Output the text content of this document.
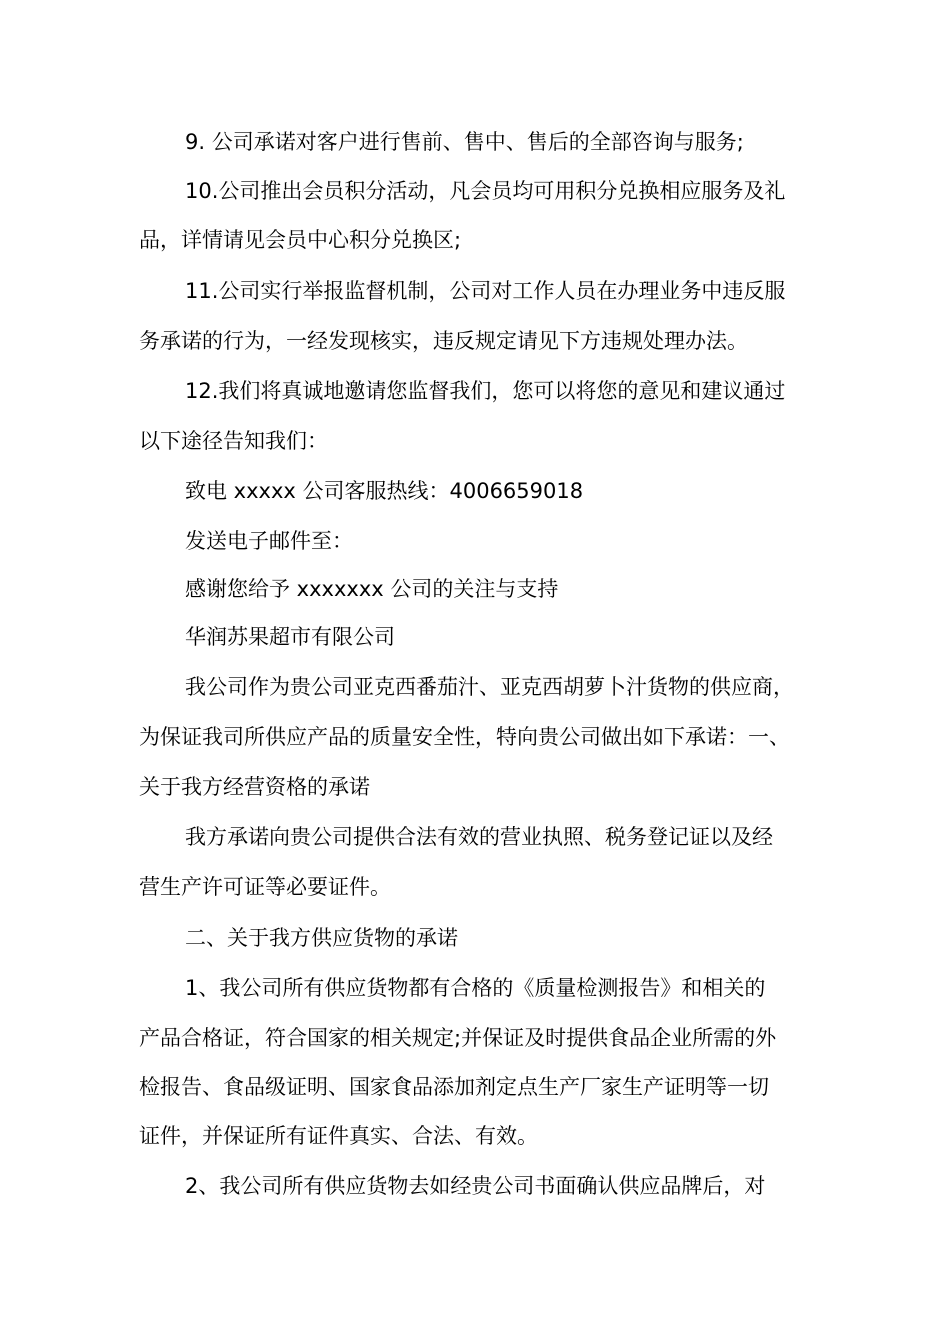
9. 公司承诺对客户进行售前、售中、售后的全部咨询与服务;
10.公司推出会员积分活动，凡会员均可用积分兑换相应服务及礼
品，详情请见会员中心积分兑换区;
11.公司实行举报监督机制，公司对工作人员在办理业务中违反服
务承诺的行为，一经发现核实，违反规定请见下方违规处理办法。
12.我们将真诚地邀请您监督我们，您可以将您的意见和建议通过
以下途径告知我们：
致电 xxxxx 公司客服热线：4006659018
发送电子邮件至：
感谢您给予 xxxxxxx 公司的关注与支持
华润苏果超市有限公司
我公司作为贵公司亚克西番茄汁、亚克西胡萝卜汁货物的供应商，
为保证我司所供应产品的质量安全性，特向贵公司做出如下承诺：一、
关于我方经营资格的承诺
我方承诺向贵公司提供合法有效的营业执照、税务登记证以及经
营生产许可证等必要证件。
二、关于我方供应货物的承诺
1、我公司所有供应货物都有合格的《质量检测报告》和相关的
产品合格证，符合国家的相关规定;并保证及时提供食品企业所需的外
检报告、食品级证明、国家食品添加剂定点生产厂家生产证明等一切
证件，并保证所有证件真实、合法、有效。
2、我公司所有供应货物去如经贵公司书面确认供应品牌后，对
